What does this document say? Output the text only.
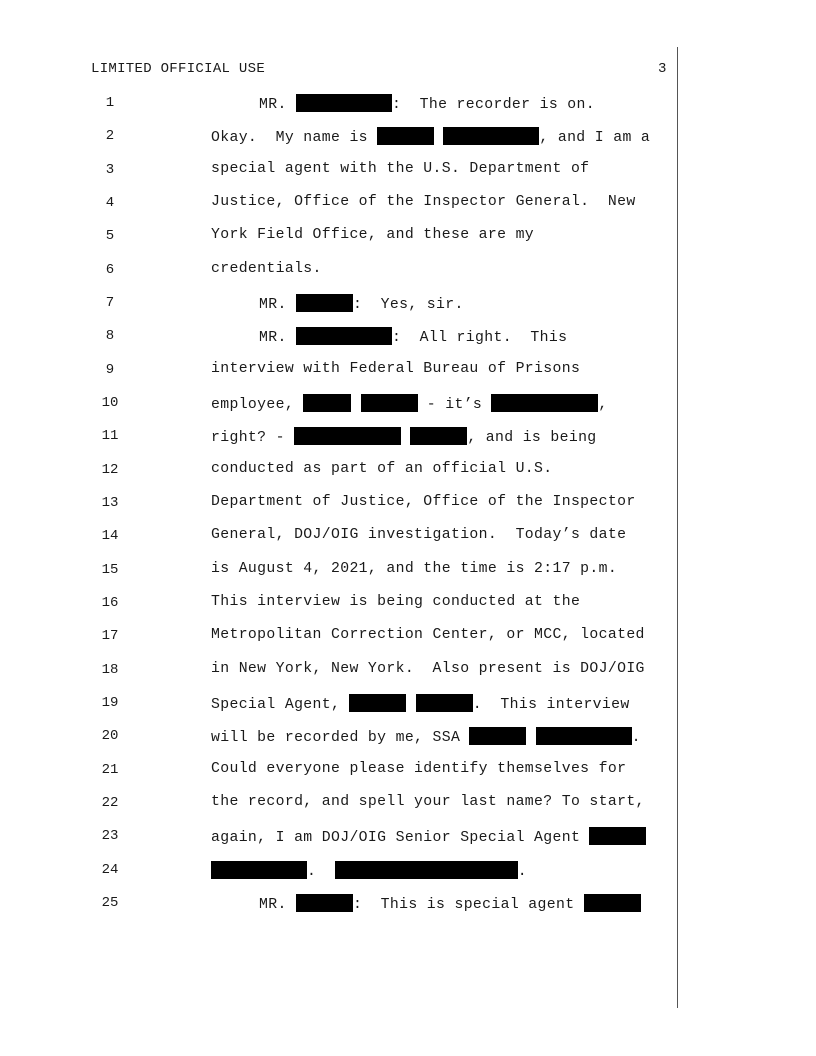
LIMITED OFFICIAL USE	3
1
2
3
4
5
6
7
8
9
10
11
12
13
14
15
16
17
18
19
20
21
22
23
24
25
MR.	:  The recorder is on.
Okay.  My name is	, and I am a
special agent with the U.S. Department of
Justice, Office of the Inspector General.  New
York Field Office, and these are my
credentials.
MR.	:  Yes, sir.
MR.	:  All right.  This
interview with Federal Bureau of Prisons
employee,	- it’s	,
right? -	, and is being
conducted as part of an official U.S.
Department of Justice, Office of the Inspector
General, DOJ/OIG investigation.  Today’s date
is August 4, 2021, and the time is 2:17 p.m.
This interview is being conducted at the
Metropolitan Correction Center, or MCC, located
in New York, New York.  Also present is DOJ/OIG
Special Agent,	.  This interview
will be recorded by me, SSA	.
Could everyone please identify themselves for
the record, and spell your last name? To start,
again, I am DOJ/OIG Senior Special Agent
.	.
MR.	:  This is special agent
